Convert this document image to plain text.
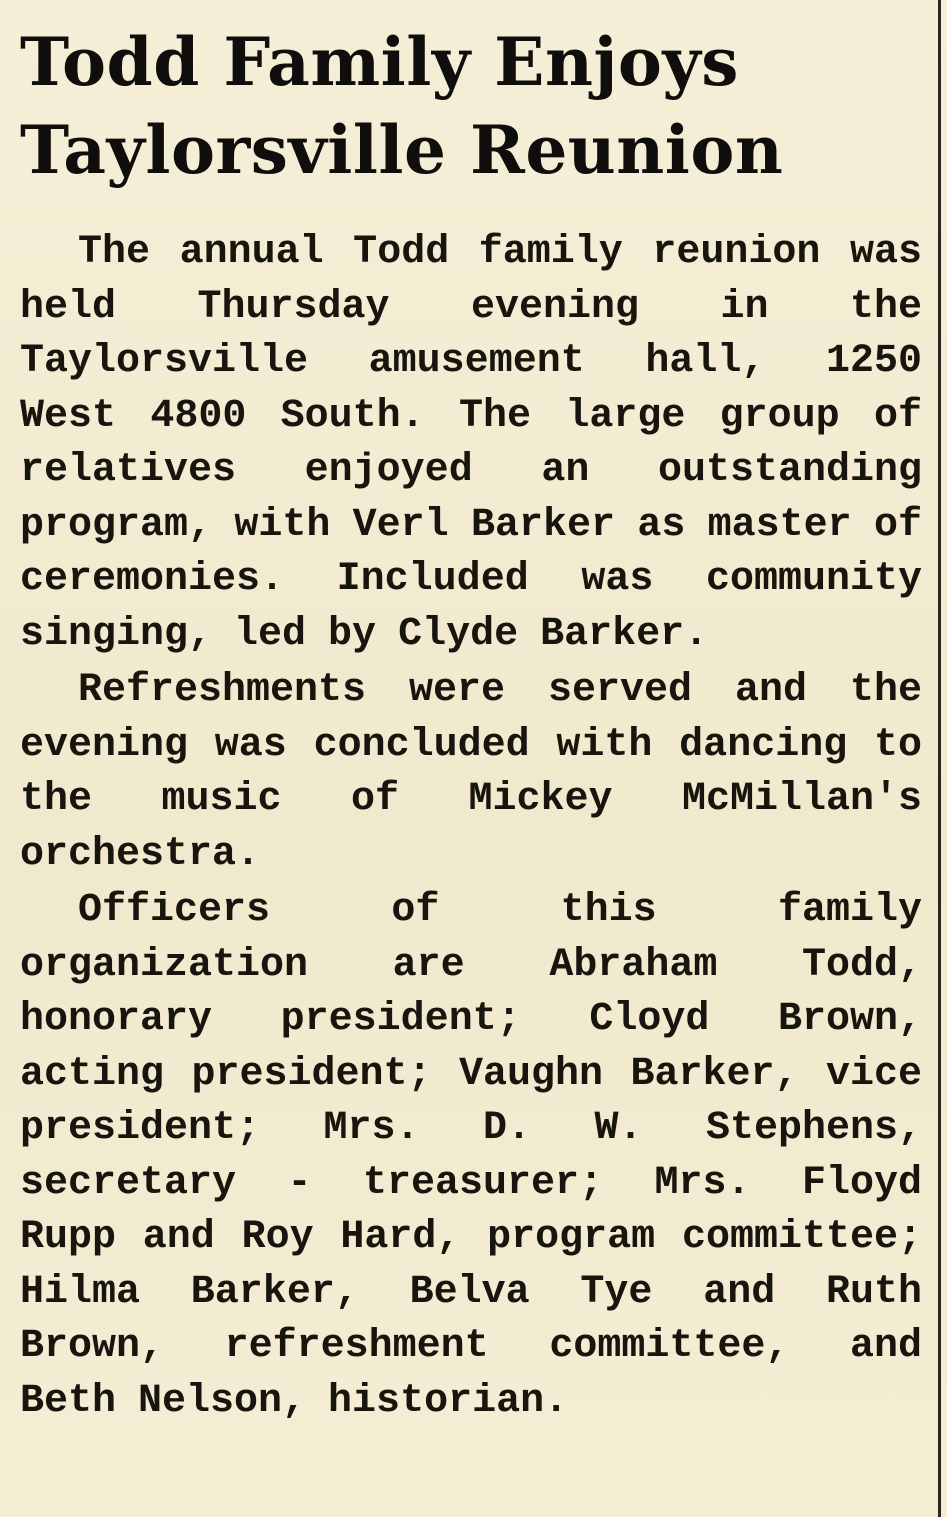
Todd Family Enjoys
Taylorsville Reunion

The annual Todd family reunion was held Thursday evening in the Taylorsville amusement hall, 1250 West 4800 South. The large group of relatives enjoyed an outstanding program, with Verl Barker as master of ceremonies. Included was community singing, led by Clyde Barker.

Refreshments were served and the evening was concluded with dancing to the music of Mickey McMillan's orchestra.

Officers of this family organization are Abraham Todd, honorary president; Cloyd Brown, acting president; Vaughn Barker, vice president; Mrs. D. W. Stephens, secretary - treasurer; Mrs. Floyd Rupp and Roy Hard, program committee; Hilma Barker, Belva Tye and Ruth Brown, refreshment committee, and Beth Nelson, historian.
